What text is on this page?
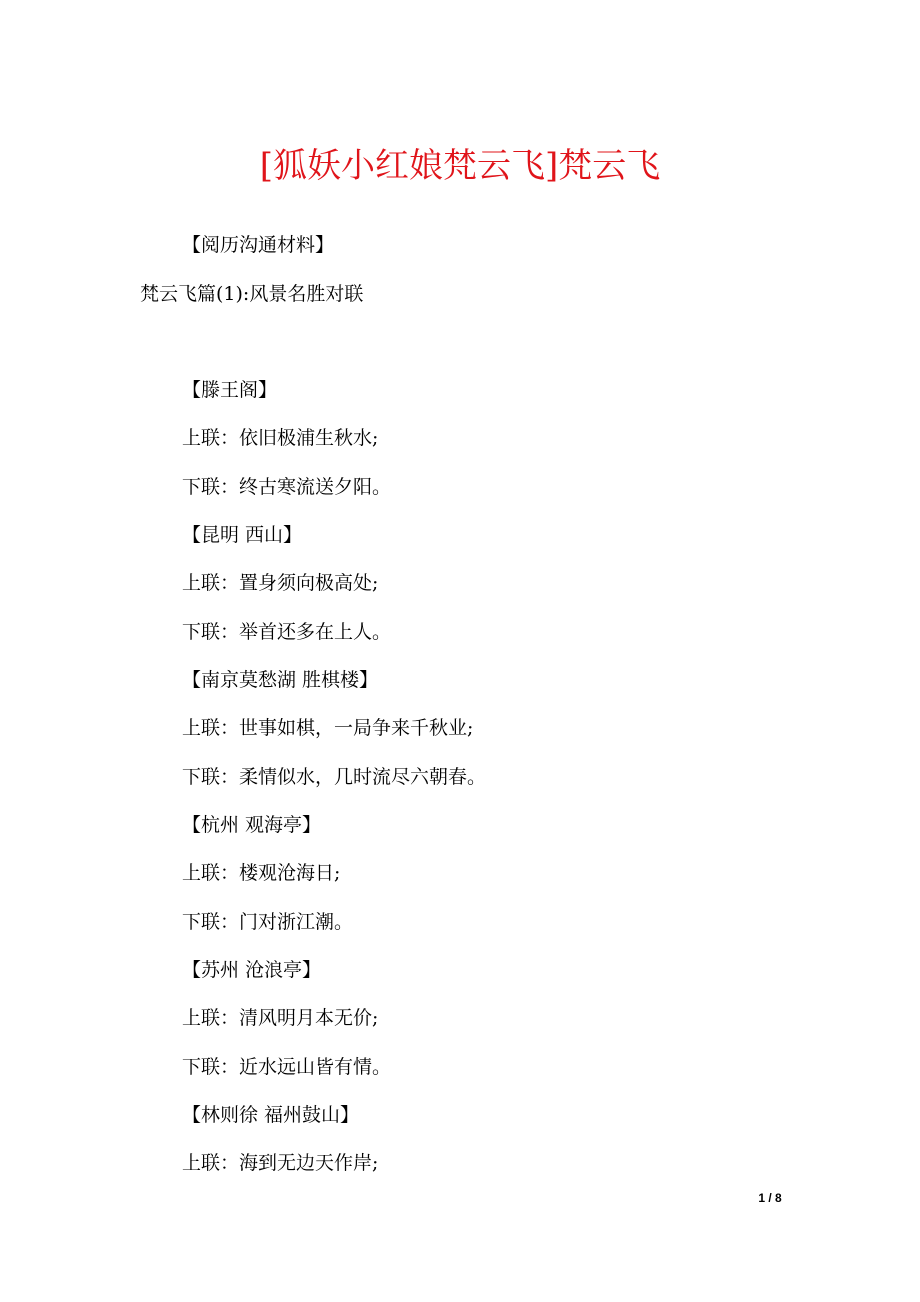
[狐妖小红娘梵云飞]梵云飞
【阅历沟通材料】
梵云飞篇(1):风景名胜对联
【滕王阁】
上联：依旧极浦生秋水;
下联：终古寒流送夕阳。
【昆明 西山】
上联：置身须向极高处;
下联：举首还多在上人。
【南京莫愁湖 胜棋楼】
上联：世事如棋，一局争来千秋业;
下联：柔情似水，几时流尽六朝春。
【杭州 观海亭】
上联：楼观沧海日;
下联：门对浙江潮。
【苏州 沧浪亭】
上联：清风明月本无价;
下联：近水远山皆有情。
【林则徐 福州鼓山】
上联：海到无边天作岸;
1 / 8
